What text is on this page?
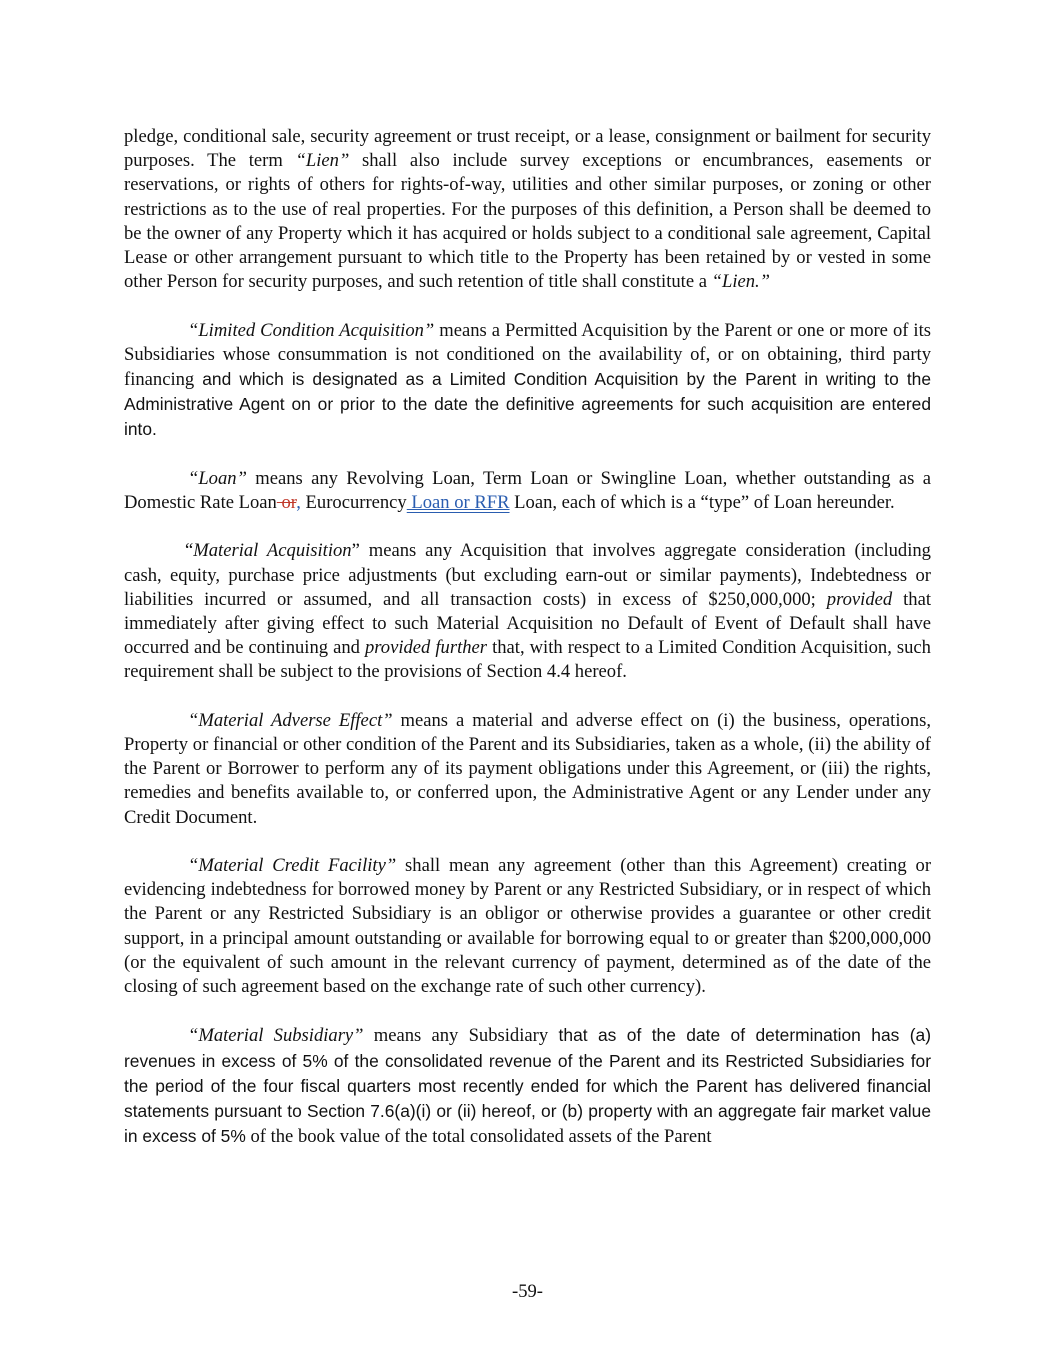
pledge, conditional sale, security agreement or trust receipt, or a lease, consignment or bailment for security purposes. The term “Lien” shall also include survey exceptions or encumbrances, easements or reservations, or rights of others for rights-of-way, utilities and other similar purposes, or zoning or other restrictions as to the use of real properties. For the purposes of this definition, a Person shall be deemed to be the owner of any Property which it has acquired or holds subject to a conditional sale agreement, Capital Lease or other arrangement pursuant to which title to the Property has been retained by or vested in some other Person for security purposes, and such retention of title shall constitute a “Lien.”

“Limited Condition Acquisition” means a Permitted Acquisition by the Parent or one or more of its Subsidiaries whose consummation is not conditioned on the availability of, or on obtaining, third party financing and which is designated as a Limited Condition Acquisition by the Parent in writing to the Administrative Agent on or prior to the date the definitive agreements for such acquisition are entered into.

“Loan” means any Revolving Loan, Term Loan or Swingline Loan, whether outstanding as a Domestic Rate Loan or, Eurocurrency Loan or RFR Loan, each of which is a “type” of Loan hereunder.

“Material Acquisition” means any Acquisition that involves aggregate consideration (including cash, equity, purchase price adjustments (but excluding earn-out or similar payments), Indebtedness or liabilities incurred or assumed, and all transaction costs) in excess of $250,000,000; provided that immediately after giving effect to such Material Acquisition no Default of Event of Default shall have occurred and be continuing and provided further that, with respect to a Limited Condition Acquisition, such requirement shall be subject to the provisions of Section 4.4 hereof.

“Material Adverse Effect” means a material and adverse effect on (i) the business, operations, Property or financial or other condition of the Parent and its Subsidiaries, taken as a whole, (ii) the ability of the Parent or Borrower to perform any of its payment obligations under this Agreement, or (iii) the rights, remedies and benefits available to, or conferred upon, the Administrative Agent or any Lender under any Credit Document.

“Material Credit Facility” shall mean any agreement (other than this Agreement) creating or evidencing indebtedness for borrowed money by Parent or any Restricted Subsidiary, or in respect of which the Parent or any Restricted Subsidiary is an obligor or otherwise provides a guarantee or other credit support, in a principal amount outstanding or available for borrowing equal to or greater than $200,000,000 (or the equivalent of such amount in the relevant currency of payment, determined as of the date of the closing of such agreement based on the exchange rate of such other currency).

“Material Subsidiary” means any Subsidiary that as of the date of determination has (a) revenues in excess of 5% of the consolidated revenue of the Parent and its Restricted Subsidiaries for the period of the four fiscal quarters most recently ended for which the Parent has delivered financial statements pursuant to Section 7.6(a)(i) or (ii) hereof, or (b) property with an aggregate fair market value in excess of 5% of the book value of the total consolidated assets of the Parent

-59-
